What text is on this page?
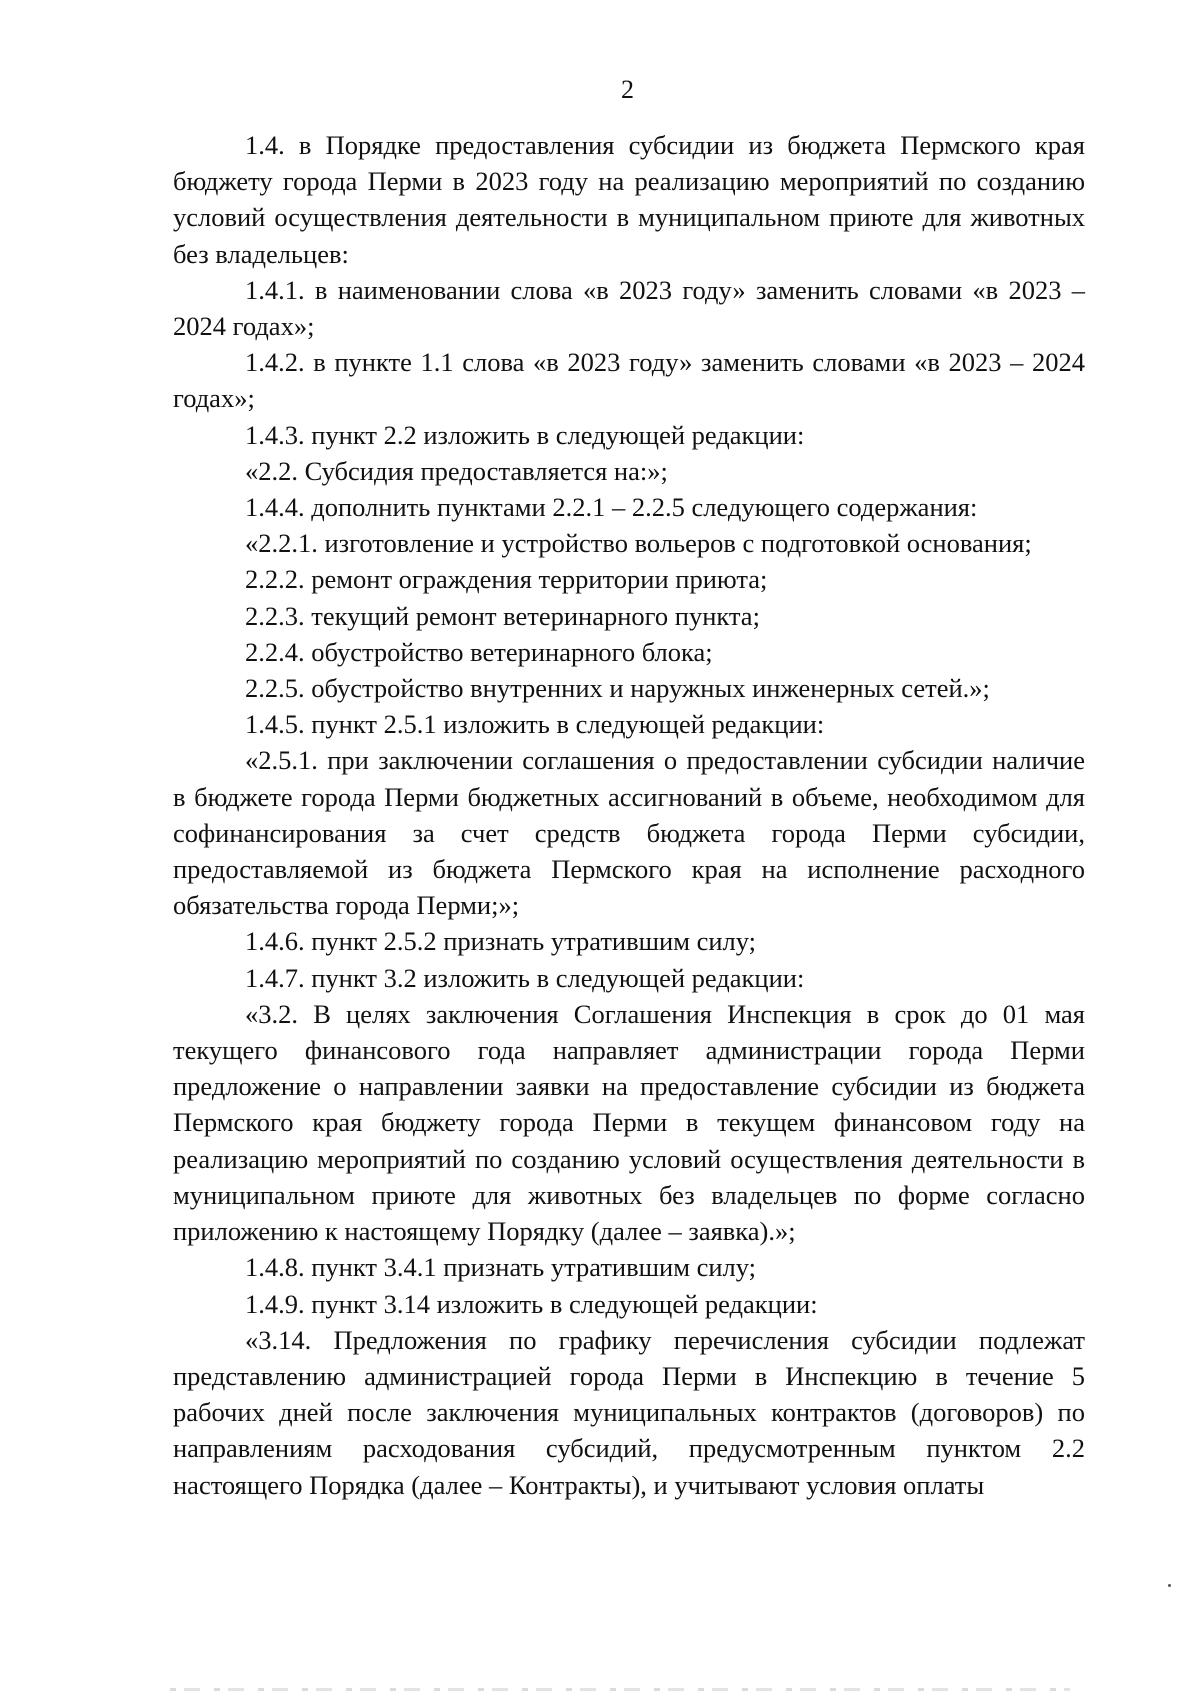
2

1.4. в Порядке предоставления субсидии из бюджета Пермского края бюджету города Перми в 2023 году на реализацию мероприятий по созданию условий осуществления деятельности в муниципальном приюте для животных без владельцев:

1.4.1. в наименовании слова «в 2023 году» заменить словами «в 2023 – 2024 годах»;

1.4.2. в пункте 1.1 слова «в 2023 году» заменить словами «в 2023 – 2024 годах»;

1.4.3. пункт 2.2 изложить в следующей редакции:

«2.2. Субсидия предоставляется на:»;

1.4.4. дополнить пунктами 2.2.1 – 2.2.5 следующего содержания:

«2.2.1. изготовление и устройство вольеров с подготовкой основания;

2.2.2. ремонт ограждения территории приюта;

2.2.3. текущий ремонт ветеринарного пункта;

2.2.4. обустройство ветеринарного блока;

2.2.5. обустройство внутренних и наружных инженерных сетей.»;

1.4.5. пункт 2.5.1 изложить в следующей редакции:

«2.5.1. при заключении соглашения о предоставлении субсидии наличие в бюджете города Перми бюджетных ассигнований в объеме, необходимом для софинансирования за счет средств бюджета города Перми субсидии, предоставляемой из бюджета Пермского края на исполнение расходного обязательства города Перми;»;

1.4.6. пункт 2.5.2 признать утратившим силу;

1.4.7. пункт 3.2 изложить в следующей редакции:

«3.2. В целях заключения Соглашения Инспекция в срок до 01 мая текущего финансового года направляет администрации города Перми предложение о направлении заявки на предоставление субсидии из бюджета Пермского края бюджету города Перми в текущем финансовом году на реализацию мероприятий по созданию условий осуществления деятельности в муниципальном приюте для животных без владельцев по форме согласно приложению к настоящему Порядку (далее – заявка).»;

1.4.8. пункт 3.4.1 признать утратившим силу;

1.4.9. пункт 3.14 изложить в следующей редакции:

«3.14. Предложения по графику перечисления субсидии подлежат представлению администрацией города Перми в Инспекцию в течение 5 рабочих дней после заключения муниципальных контрактов (договоров) по направлениям расходования субсидий, предусмотренным пунктом 2.2 настоящего Порядка (далее – Контракты), и учитывают условия оплаты
